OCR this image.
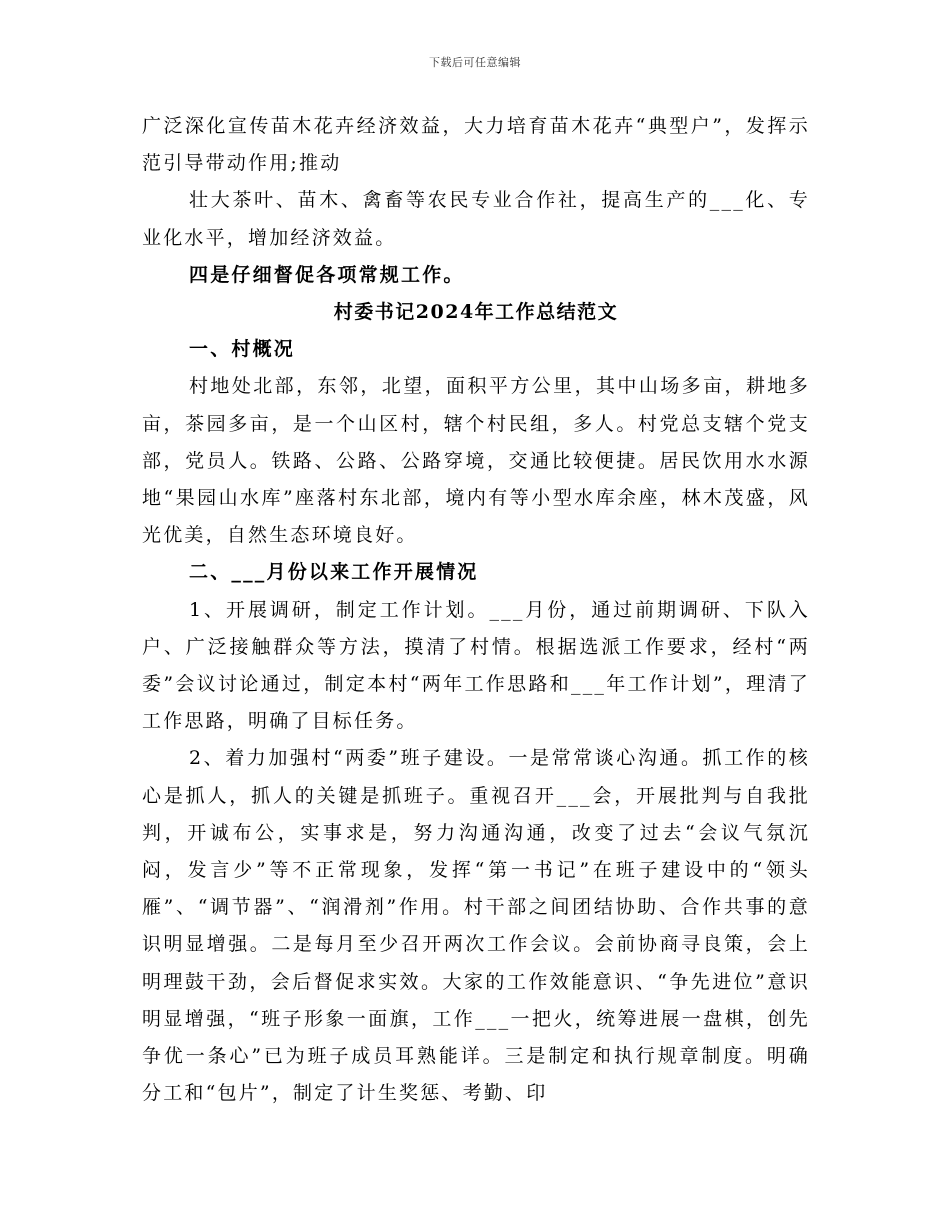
下载后可任意编辑

广泛深化宣传苗木花卉经济效益，大力培育苗木花卉“典型户”，发挥示范引导带动作用;推动

壮大茶叶、苗木、禽畜等农民专业合作社，提高生产的___化、专业化水平，增加经济效益。

四是仔细督促各项常规工作。

村委书记2024年工作总结范文

一、村概况

村地处北部，东邻，北望，面积平方公里，其中山场多亩，耕地多亩，茶园多亩，是一个山区村，辖个村民组，多人。村党总支辖个党支部，党员人。铁路、公路、公路穿境，交通比较便捷。居民饮用水水源地“果园山水库”座落村东北部，境内有等小型水库余座，林木茂盛，风光优美，自然生态环境良好。

二、___月份以来工作开展情况

1、开展调研，制定工作计划。___月份，通过前期调研、下队入户、广泛接触群众等方法，摸清了村情。根据选派工作要求，经村“两委”会议讨论通过，制定本村“两年工作思路和___年工作计划”，理清了工作思路，明确了目标任务。

2、着力加强村“两委”班子建设。一是常常谈心沟通。抓工作的核心是抓人，抓人的关键是抓班子。重视召开___会，开展批判与自我批判，开诚布公，实事求是，努力沟通沟通，改变了过去“会议气氛沉闷，发言少”等不正常现象，发挥“第一书记”在班子建设中的“领头雁”、“调节器”、“润滑剂”作用。村干部之间团结协助、合作共事的意识明显增强。二是每月至少召开两次工作会议。会前协商寻良策，会上明理鼓干劲，会后督促求实效。大家的工作效能意识、“争先进位”意识明显增强，“班子形象一面旗，工作___一把火，统筹进展一盘棋，创先争优一条心”已为班子成员耳熟能详。三是制定和执行规章制度。明确分工和“包片”，制定了计生奖惩、考勤、印
